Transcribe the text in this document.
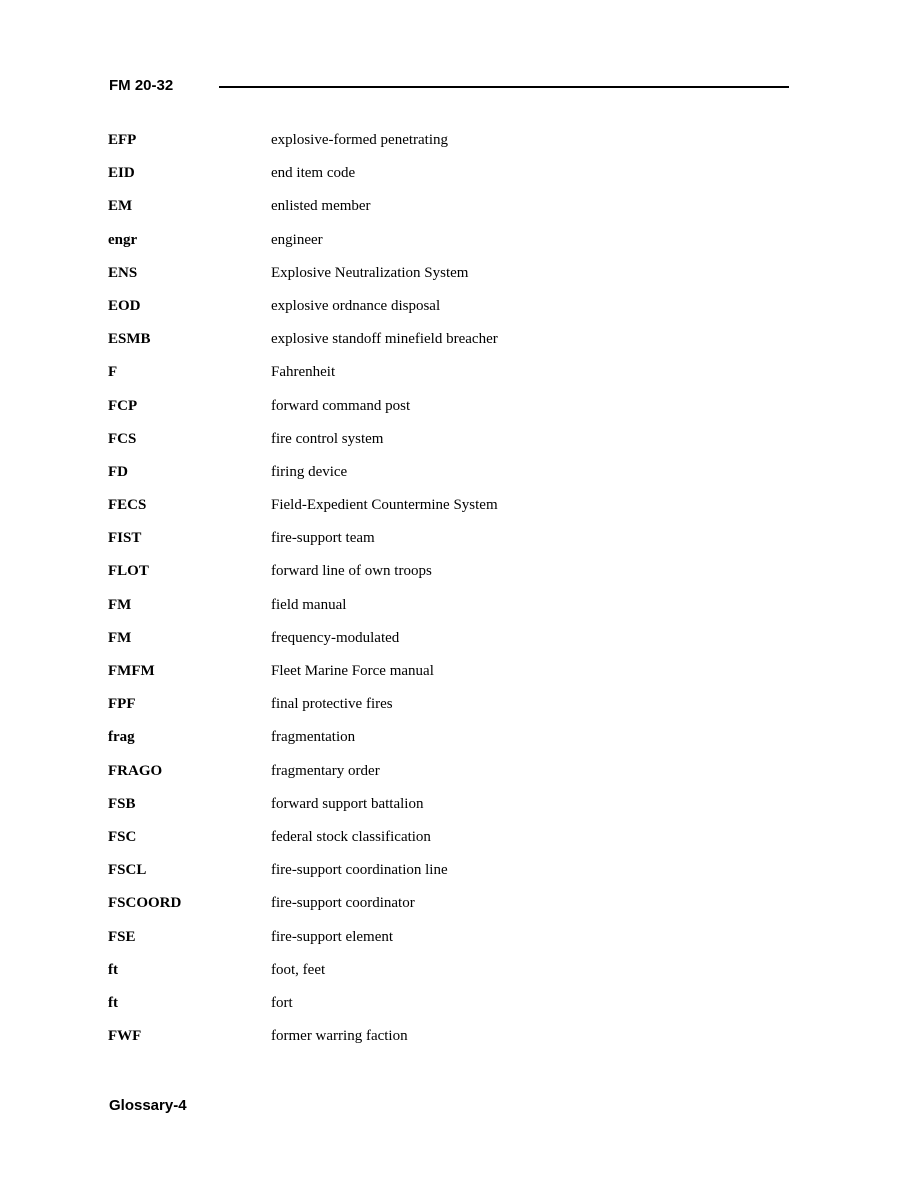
FM 20-32
EFP	explosive-formed penetrating
EID	end item code
EM	enlisted member
engr	engineer
ENS	Explosive Neutralization System
EOD	explosive ordnance disposal
ESMB	explosive standoff minefield breacher
F	Fahrenheit
FCP	forward command post
FCS	fire control system
FD	firing device
FECS	Field-Expedient Countermine System
FIST	fire-support team
FLOT	forward line of own troops
FM	field manual
FM	frequency-modulated
FMFM	Fleet Marine Force manual
FPF	final protective fires
frag	fragmentation
FRAGO	fragmentary order
FSB	forward support battalion
FSC	federal stock classification
FSCL	fire-support coordination line
FSCOORD	fire-support coordinator
FSE	fire-support element
ft	foot, feet
ft	fort
FWF	former warring faction
Glossary-4
